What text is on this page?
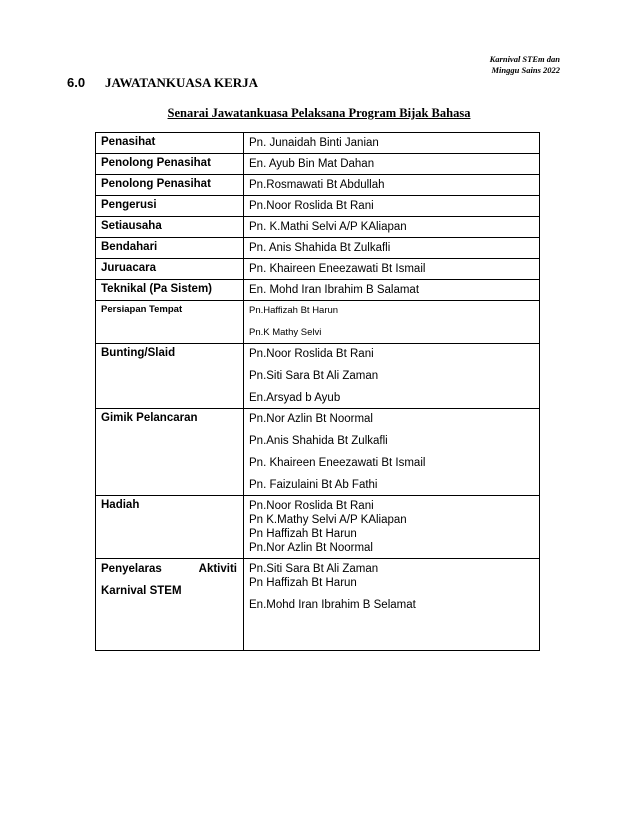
Karnival STEm dan
Minggu Sains 2022
6.0 JAWATANKUASA KERJA
Senarai Jawatankuasa Pelaksana Program Bijak Bahasa
Penasihat	Pn. Junaidah Binti Janian

Penolong Penasihat	En. Ayub Bin Mat Dahan

Penolong Penasihat	Pn.Rosmawati Bt Abdullah

Pengerusi	Pn.Noor Roslida Bt Rani

Setiausaha	Pn. K.Mathi Selvi A/P KAliapan

Bendahari	Pn. Anis Shahida Bt Zulkafli

Juruacara	Pn. Khaireen Eneezawati Bt Ismail

Teknikal (Pa Sistem)	En. Mohd Iran Ibrahim B Salamat

Persiapan Tempat	Pn.Haffizah Bt Harun
Pn.K Mathy Selvi

Bunting/Slaid	Pn.Noor Roslida Bt Rani
Pn.Siti Sara Bt Ali Zaman
En.Arsyad b Ayub

Gimik Pelancaran	Pn.Nor Azlin Bt Noormal
Pn.Anis Shahida Bt Zulkafli
Pn. Khaireen Eneezawati Bt Ismail
Pn. Faizulaini Bt Ab Fathi

Hadiah	Pn.Noor Roslida Bt Rani
Pn K.Mathy Selvi A/P KAliapan
Pn Haffizah Bt Harun
Pn.Nor Azlin Bt Noormal

Penyelaras Aktiviti
Karnival STEM	Pn.Siti Sara Bt Ali Zaman
Pn Haffizah Bt Harun
En.Mohd Iran Ibrahim B Selamat
